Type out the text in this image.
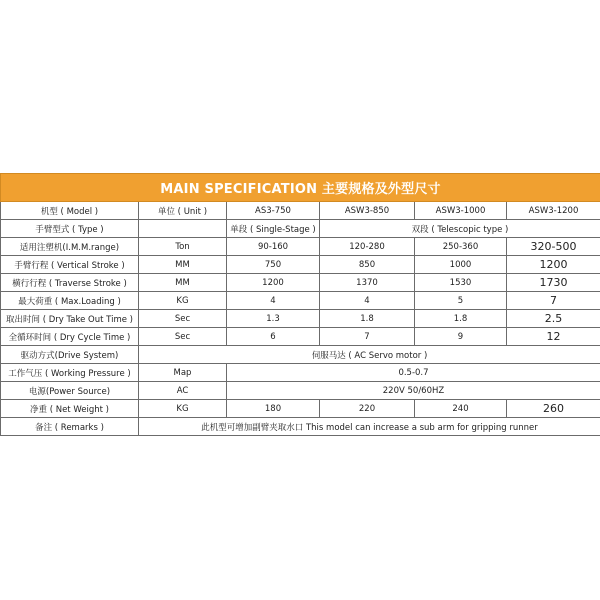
MAIN SPECIFICATION 主要规格及外型尺寸					
机型 ( Model )	单位 ( Unit )	AS3-750	ASW3-850	ASW3-1000	ASW3-1200
手臂型式 ( Type )		单段 ( Single-Stage )	双段 ( Telescopic type )		
适用注塑机(I.M.M.range)	Ton	90-160	120-280	250-360	320-500
手臂行程 ( Vertical Stroke )	MM	750	850	1000	1200
横行行程 ( Traverse Stroke )	MM	1200	1370	1530	1730
最大荷重 ( Max.Loading )	KG	4	4	5	7
取出时间 ( Dry Take Out Time )	Sec	1.3	1.8	1.8	2.5
全循环时间 ( Dry Cycle Time )	Sec	6	7	9	12
驱动方式(Drive System)	伺服马达 ( AC Servo motor )				
工作气压 ( Working Pressure )	Map	0.5-0.7			
电源(Power Source)	AC	220V 50/60HZ			
净重 ( Net Weight )	KG	180	220	240	260
备注 ( Remarks )	此机型可增加副臂夹取水口 This model can increase a sub arm for gripping runner				
